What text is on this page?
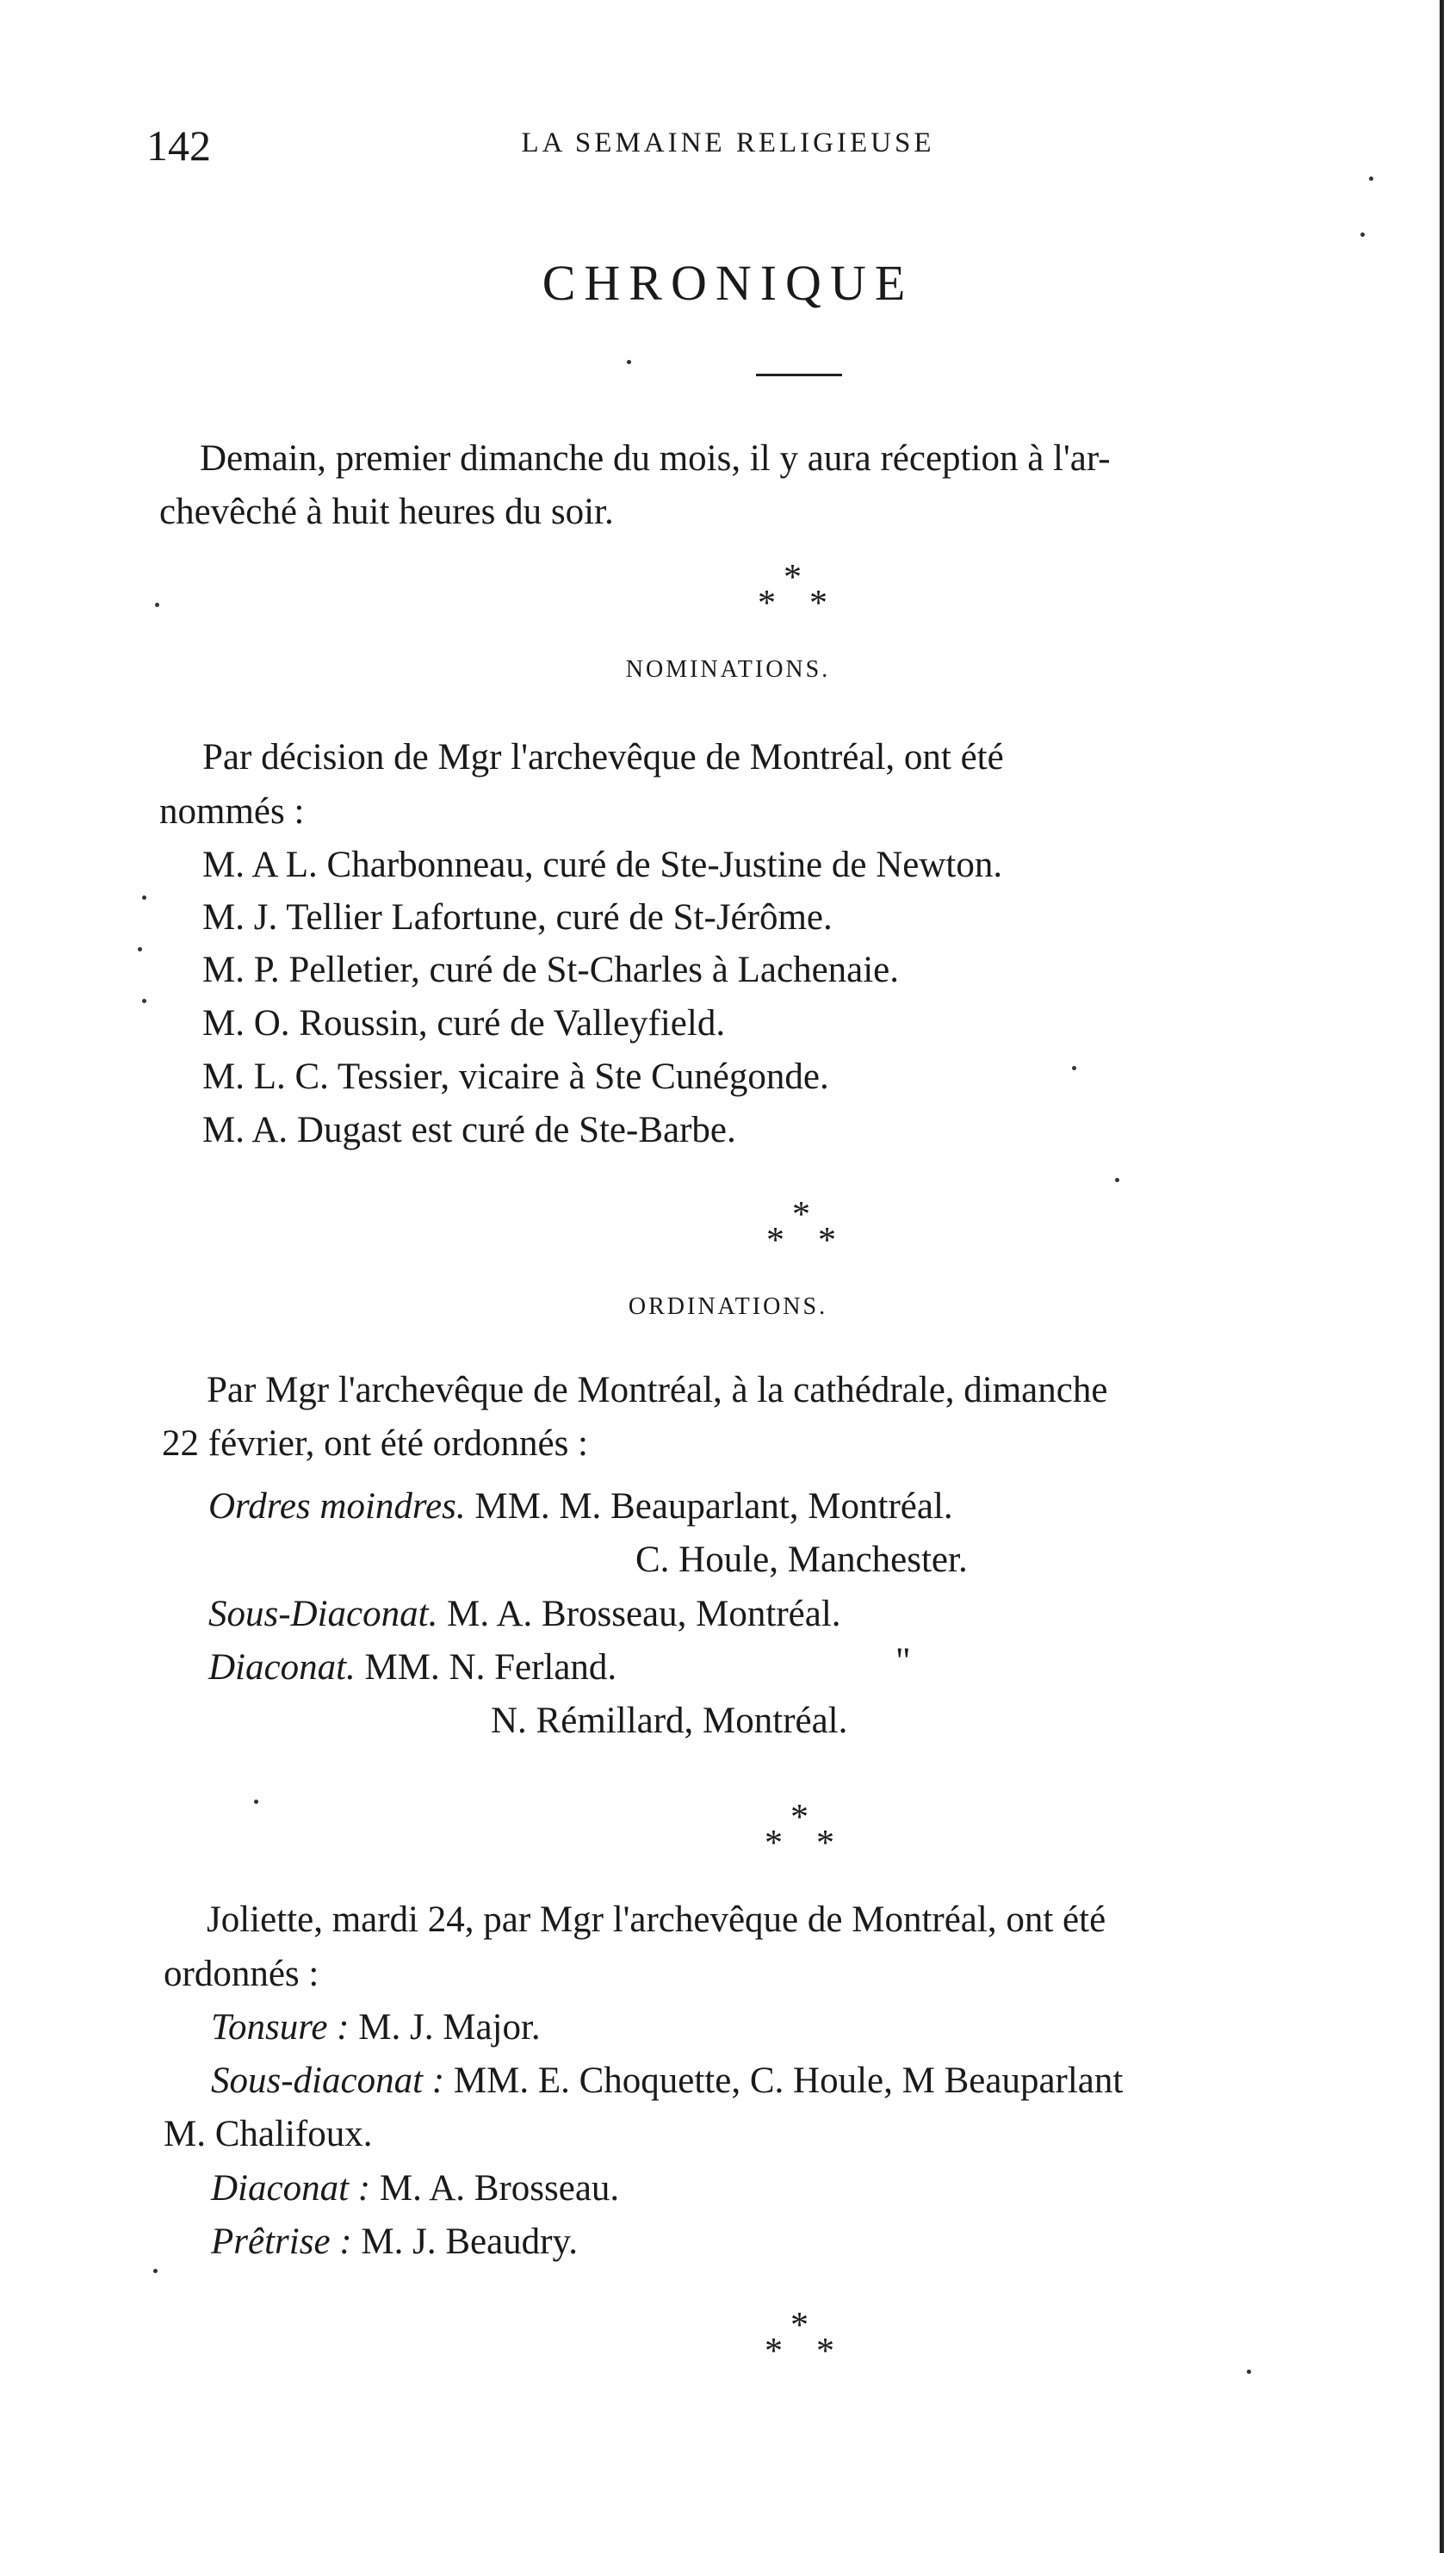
142	LA SEMAINE RELIGIEUSE
CHRONIQUE
Demain, premier dimanche du mois, il y aura réception à l'ar-
chevêché à huit heures du soir.
*
* *
NOMINATIONS.
Par décision de Mgr l'archevêque de Montréal, ont été
nommés :
M. A L. Charbonneau, curé de Ste-Justine de Newton.
M. J. Tellier Lafortune, curé de St-Jérôme.
M. P. Pelletier, curé de St-Charles à Lachenaie.
M. O. Roussin, curé de Valleyfield.
M. L. C. Tessier, vicaire à Ste Cunégonde.
M. A. Dugast est curé de Ste-Barbe.
*
* *
ORDINATIONS.
Par Mgr l'archevêque de Montréal, à la cathédrale, dimanche
22 février, ont été ordonnés :
Ordres moindres. MM. M. Beauparlant, Montréal.
C. Houle, Manchester.
Sous-Diaconat. M. A. Brosseau, Montréal.
Diaconat. MM. N. Ferland.	"
N. Rémillard, Montréal.
*
* *
Joliette, mardi 24, par Mgr l'archevêque de Montréal, ont été
ordonnés :
Tonsure : M. J. Major.
Sous-diaconat : MM. E. Choquette, C. Houle, M Beauparlant
M. Chalifoux.
Diaconat : M. A. Brosseau.
Prêtrise : M. J. Beaudry.
*
* *
